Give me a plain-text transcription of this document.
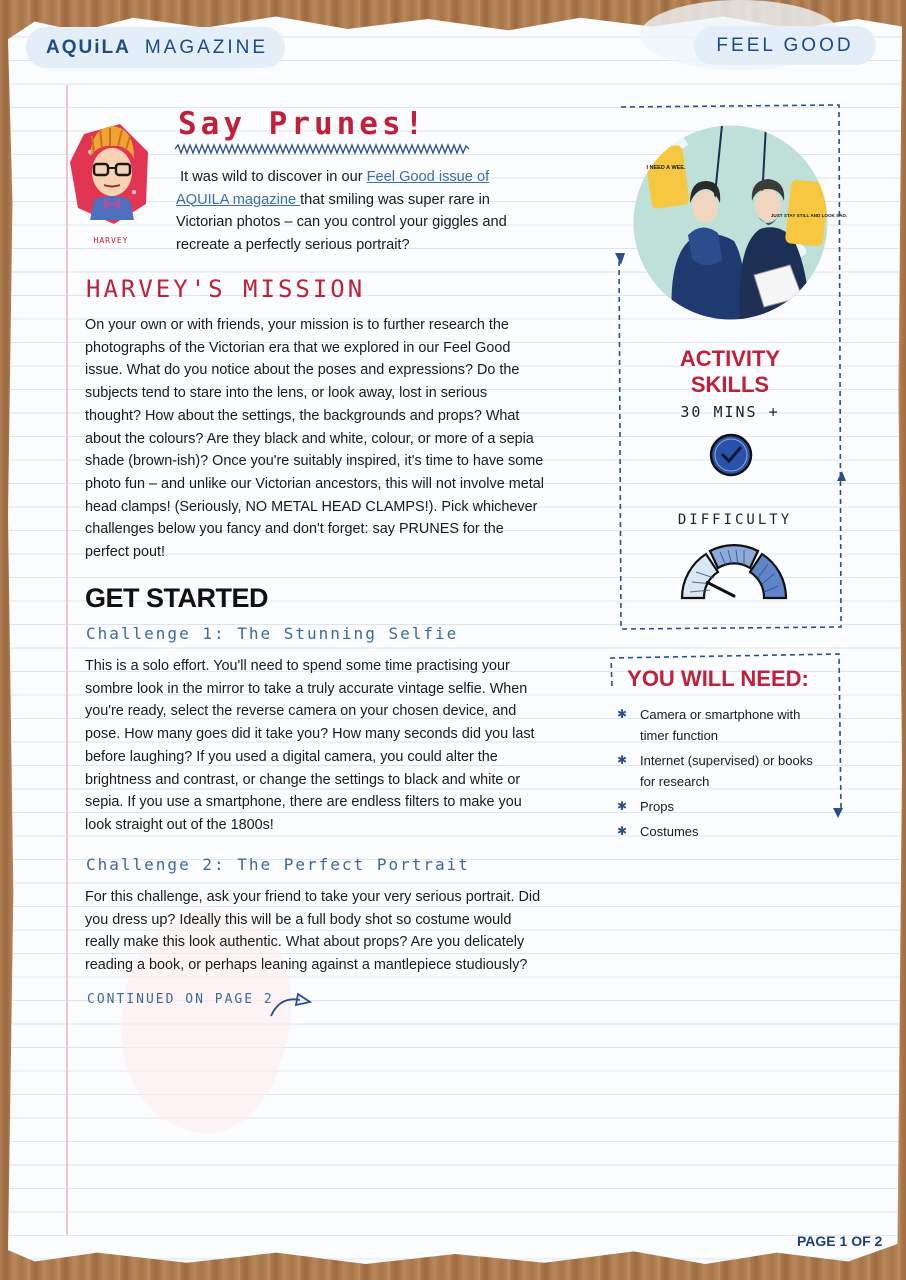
AQUiLA MAGAZINE	FEEL GOOD
HARVEY
Say Prunes!

It was wild to discover in our Feel Good issue of AQUILA magazine that smiling was super rare in Victorian photos – can you control your giggles and recreate a perfectly serious portrait?

HARVEY'S MISSION

On your own or with friends, your mission is to further research the photographs of the Victorian era that we explored in our Feel Good issue. What do you notice about the poses and expressions? Do the subjects tend to stare into the lens, or look away, lost in serious thought? How about the settings, the backgrounds and props? What about the colours? Are they black and white, colour, or more of a sepia shade (brown-ish)? Once you're suitably inspired, it's time to have some photo fun – and unlike our Victorian ancestors, this will not involve metal head clamps! (Seriously, NO METAL HEAD CLAMPS!). Pick whichever challenges below you fancy and don't forget: say PRUNES for the perfect pout!

GET STARTED
Challenge 1: The Stunning Selfie

This is a solo effort. You'll need to spend some time practising your sombre look in the mirror to take a truly accurate vintage selfie. When you're ready, select the reverse camera on your chosen device, and pose. How many goes did it take you? How many seconds did you last before laughing? If you used a digital camera, you could alter the brightness and contrast, or change the settings to black and white or sepia. If you use a smartphone, there are endless filters to make you look straight out of the 1800s!

Challenge 2: The Perfect Portrait

For this challenge, ask your friend to take your very serious portrait. Did you dress up? Ideally this will be a full body shot so costume would really make this look authentic. What about props? Are you delicately reading a book, or perhaps leaning against a mantlepiece studiously?

CONTINUED ON PAGE 2
I NEED A WEE.
JUST STAY STILL AND LOOK SAD.
ACTIVITY SKILLS
30 MINS +
DIFFICULTY
YOU WILL NEED:
✱ Camera or smartphone with timer function
✱ Internet (supervised) or books for research
✱ Props
✱ Costumes
PAGE 1 OF 2
